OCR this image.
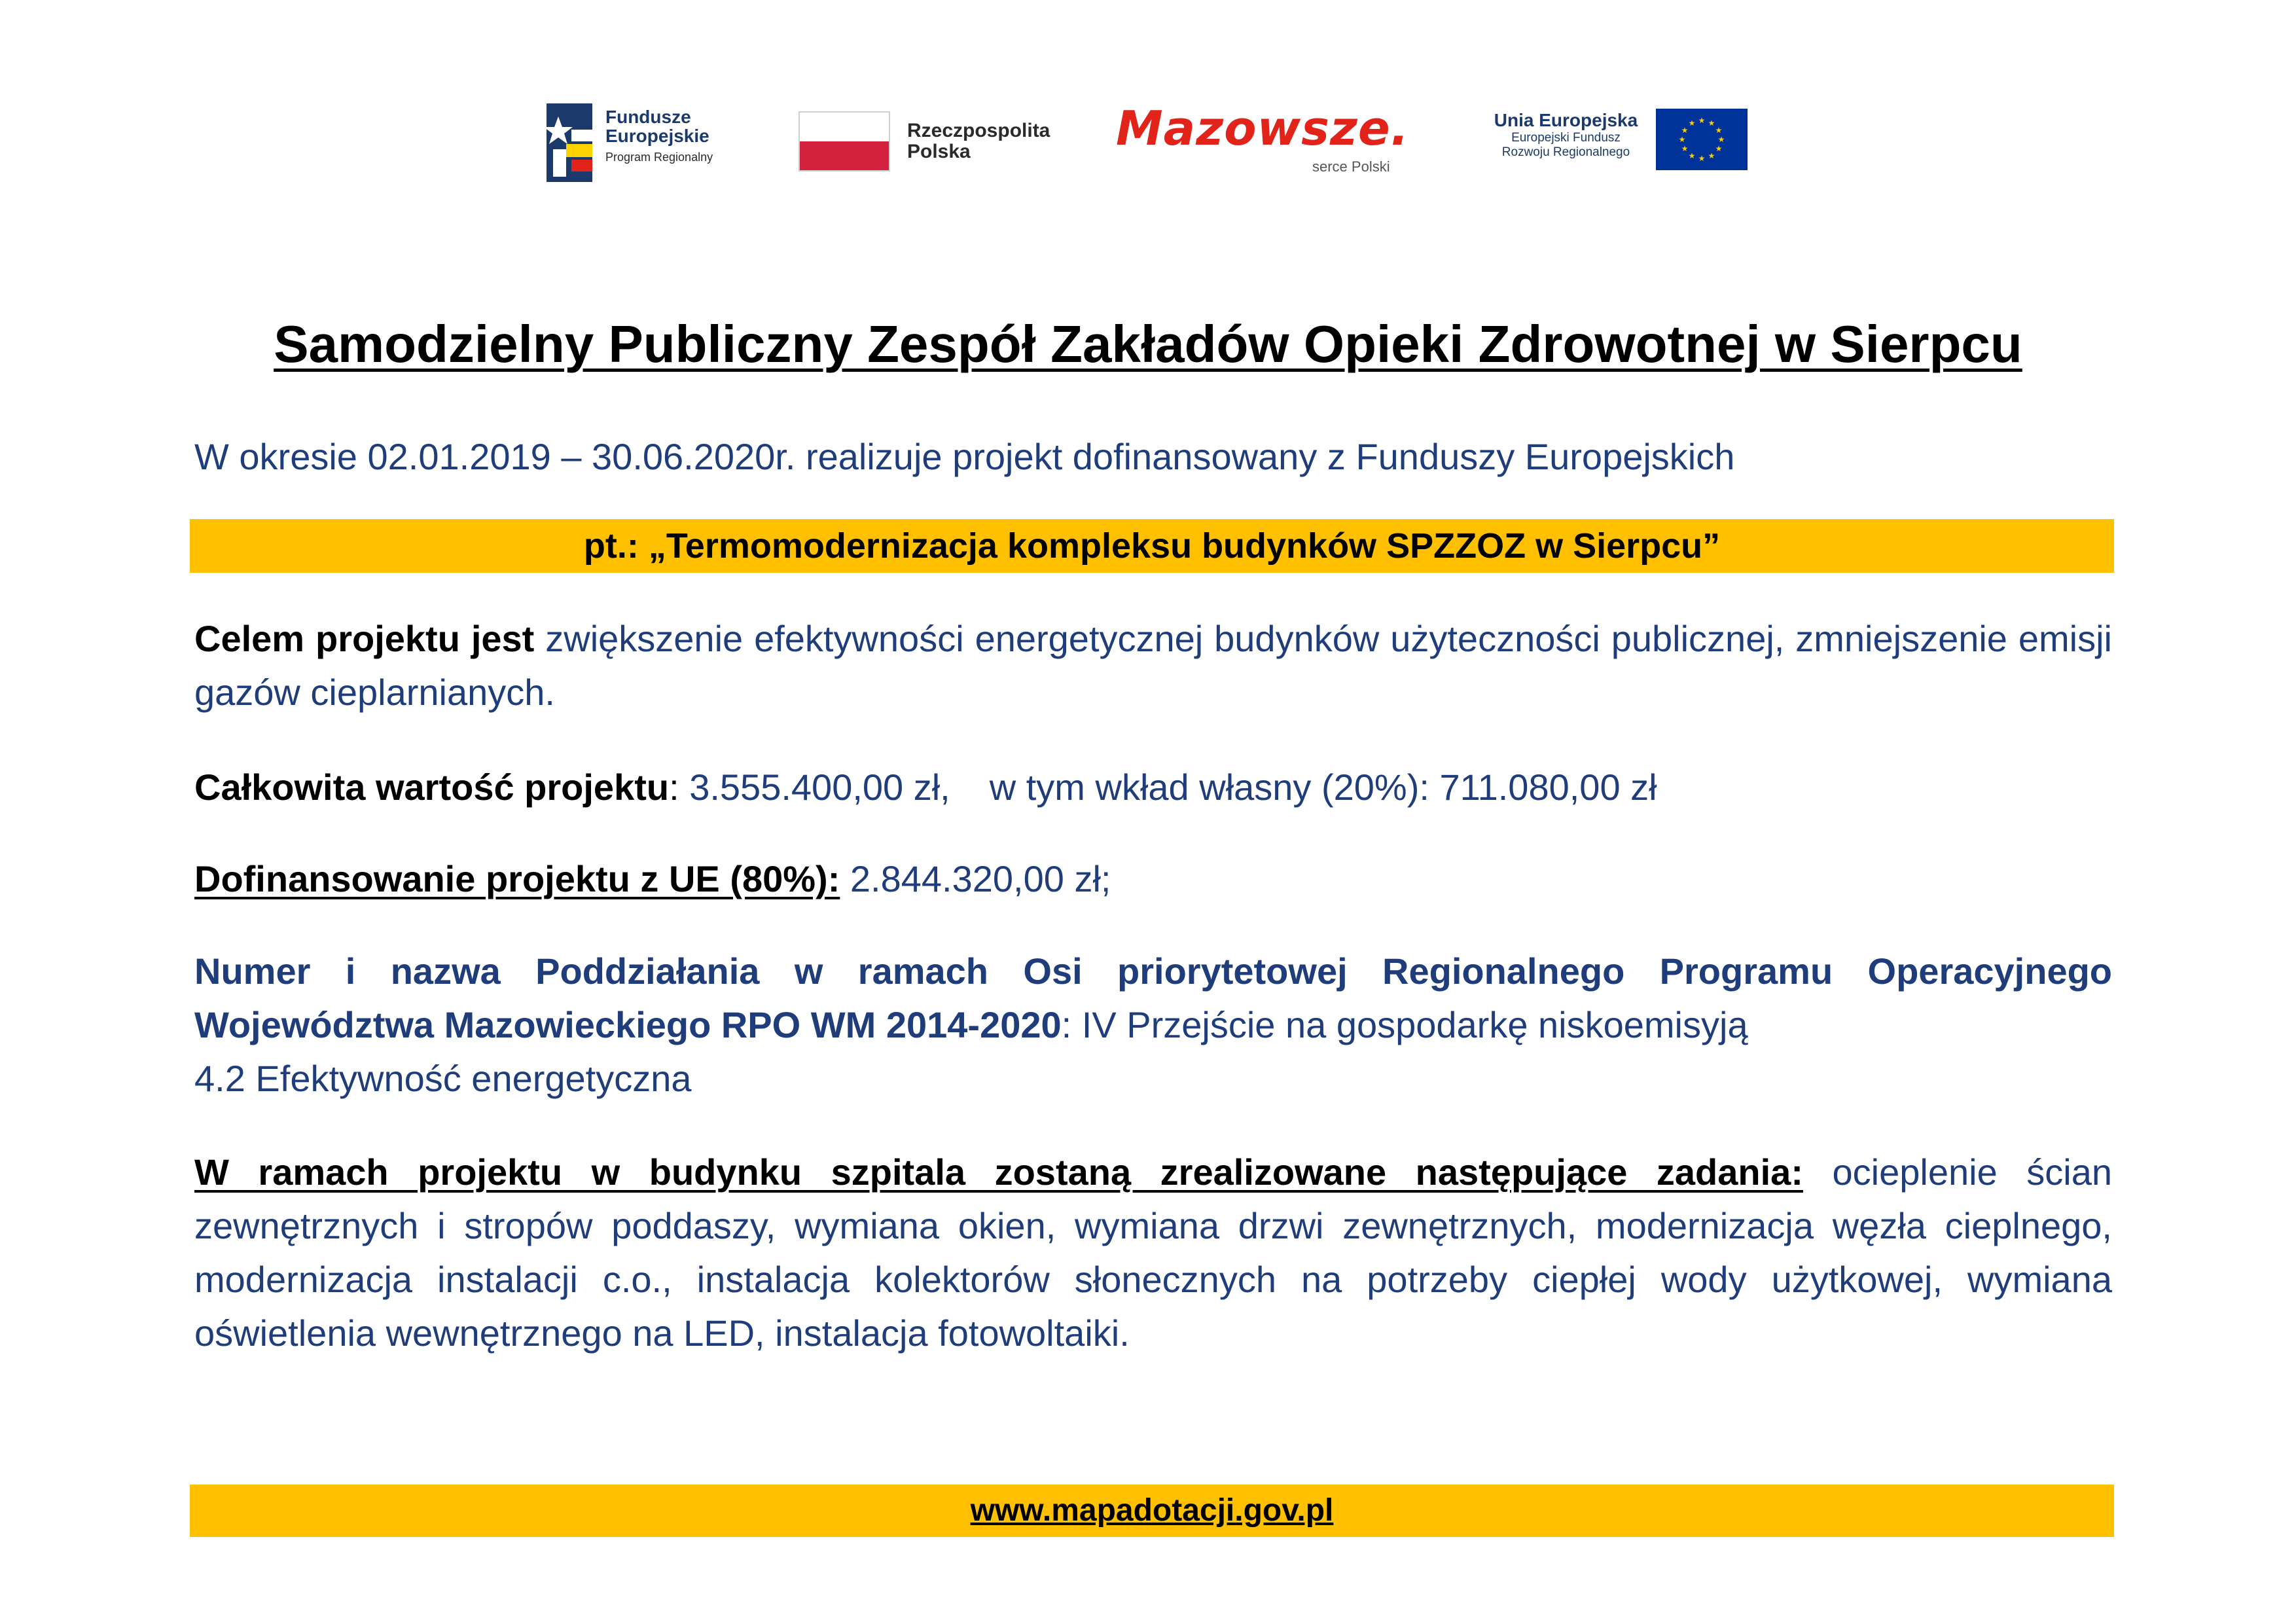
Fundusze
Europejskie
Program Regionalny
Rzeczpospolita
Polska	Mazowsze.
serce Polski
Unia Europejska
Europejski Fundusz
Rozwoju Regionalnego
★ ★
★
★
★
★
★
★
★
★
★
★
Samodzielny Publiczny Zespół Zakładów Opieki Zdrowotnej w Sierpcu

W okresie 02.01.2019 – 30.06.2020r. realizuje projekt dofinansowany z Funduszy Europejskich

pt.: „Termomodernizacja kompleksu budynków SPZZOZ w Sierpcu”

Celem projektu jest zwiększenie efektywności energetycznej budynków użyteczności publicznej, zmniejszenie emisji gazów cieplarnianych.

Całkowita wartość projektu: 3.555.400,00 zł, w tym wkład własny (20%): 711.080,00 zł

Dofinansowanie projektu z UE (80%): 2.844.320,00 zł;

Numer i nazwa Poddziałania w ramach Osi priorytetowej Regionalnego Programu Operacyjnego Województwa Mazowieckiego RPO WM 2014-2020: IV Przejście na gospodarkę niskoemisyją
4.2 Efektywność energetyczna

W ramach projektu w budynku szpitala zostaną zrealizowane następujące zadania: ocieplenie ścian zewnętrznych i stropów poddaszy, wymiana okien, wymiana drzwi zewnętrznych, modernizacja węzła cieplnego, modernizacja instalacji c.o., instalacja kolektorów słonecznych na potrzeby ciepłej wody użytkowej, wymiana oświetlenia wewnętrznego na LED, instalacja fotowoltaiki.

www.mapadotacji.gov.pl
